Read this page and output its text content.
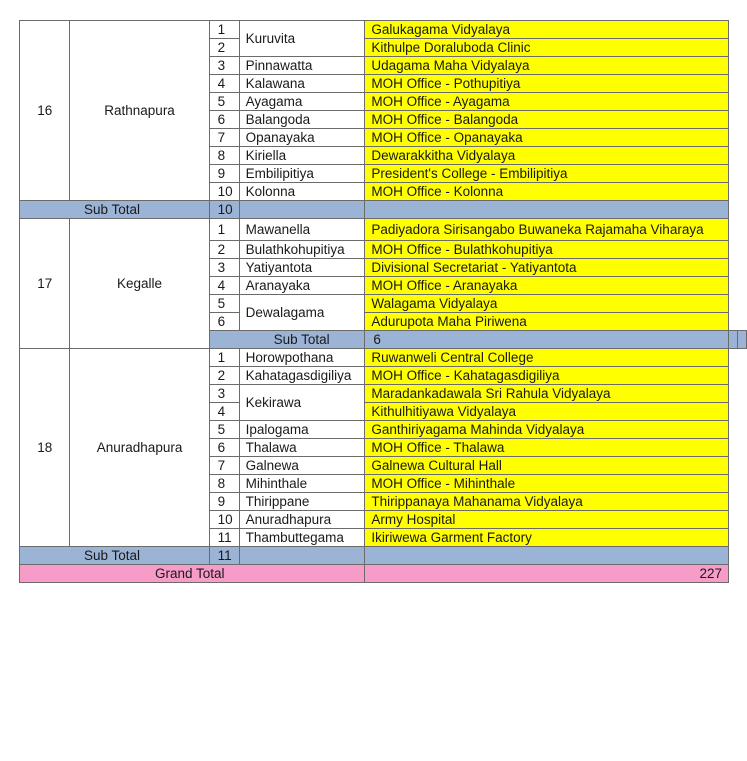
16	Rathnapura	1	Kuruvita	Galukagama Vidyalaya		
		2		Kithulpe Doraluboda Clinic		
		3	Pinnawatta	Udagama Maha Vidyalaya		
		4	Kalawana	MOH Office - Pothupitiya		
		5	Ayagama	MOH Office - Ayagama		
		6	Balangoda	MOH Office - Balangoda		
		7	Opanayaka	MOH Office - Opanayaka		
		8	Kiriella	Dewarakkitha Vidyalaya		
		9	Embilipitiya	President's College - Embilipitiya		
		10	Kolonna	MOH Office - Kolonna		
Sub Total		10				
17	Kegalle	1	Mawanella	Padiyadora Sirisangabo Buwaneka Rajamaha Viharaya		
		2	Bulathkohupitiya	MOH Office - Bulathkohupitiya		
		3	Yatiyantota	Divisional Secretariat - Yatiyantota		
		4	Aranayaka	MOH Office - Aranayaka		
		5	Dewalagama	Walagama Vidyalaya		
		6		Adurupota Maha Piriwena		
		Sub Total		6		
18	Anuradhapura	1	Horowpothana	Ruwanweli Central College		
		2	Kahatagasdigiliya	MOH Office - Kahatagasdigiliya		
		3	Kekirawa	Maradankadawala Sri Rahula Vidyalaya		
		4		Kithulhitiyawa Vidyalaya		
		5	Ipalogama	Ganthiriyagama Mahinda Vidyalaya		
		6	Thalawa	MOH Office - Thalawa		
		7	Galnewa	Galnewa Cultural Hall		
		8	Mihinthale	MOH Office - Mihinthale		
		9	Thirippane	Thirippanaya Mahanama Vidyalaya		
		10	Anuradhapura	Army Hospital		
		11	Thambuttegama	Ikiriwewa Garment Factory		
Sub Total		11				
Grand Total				227		
